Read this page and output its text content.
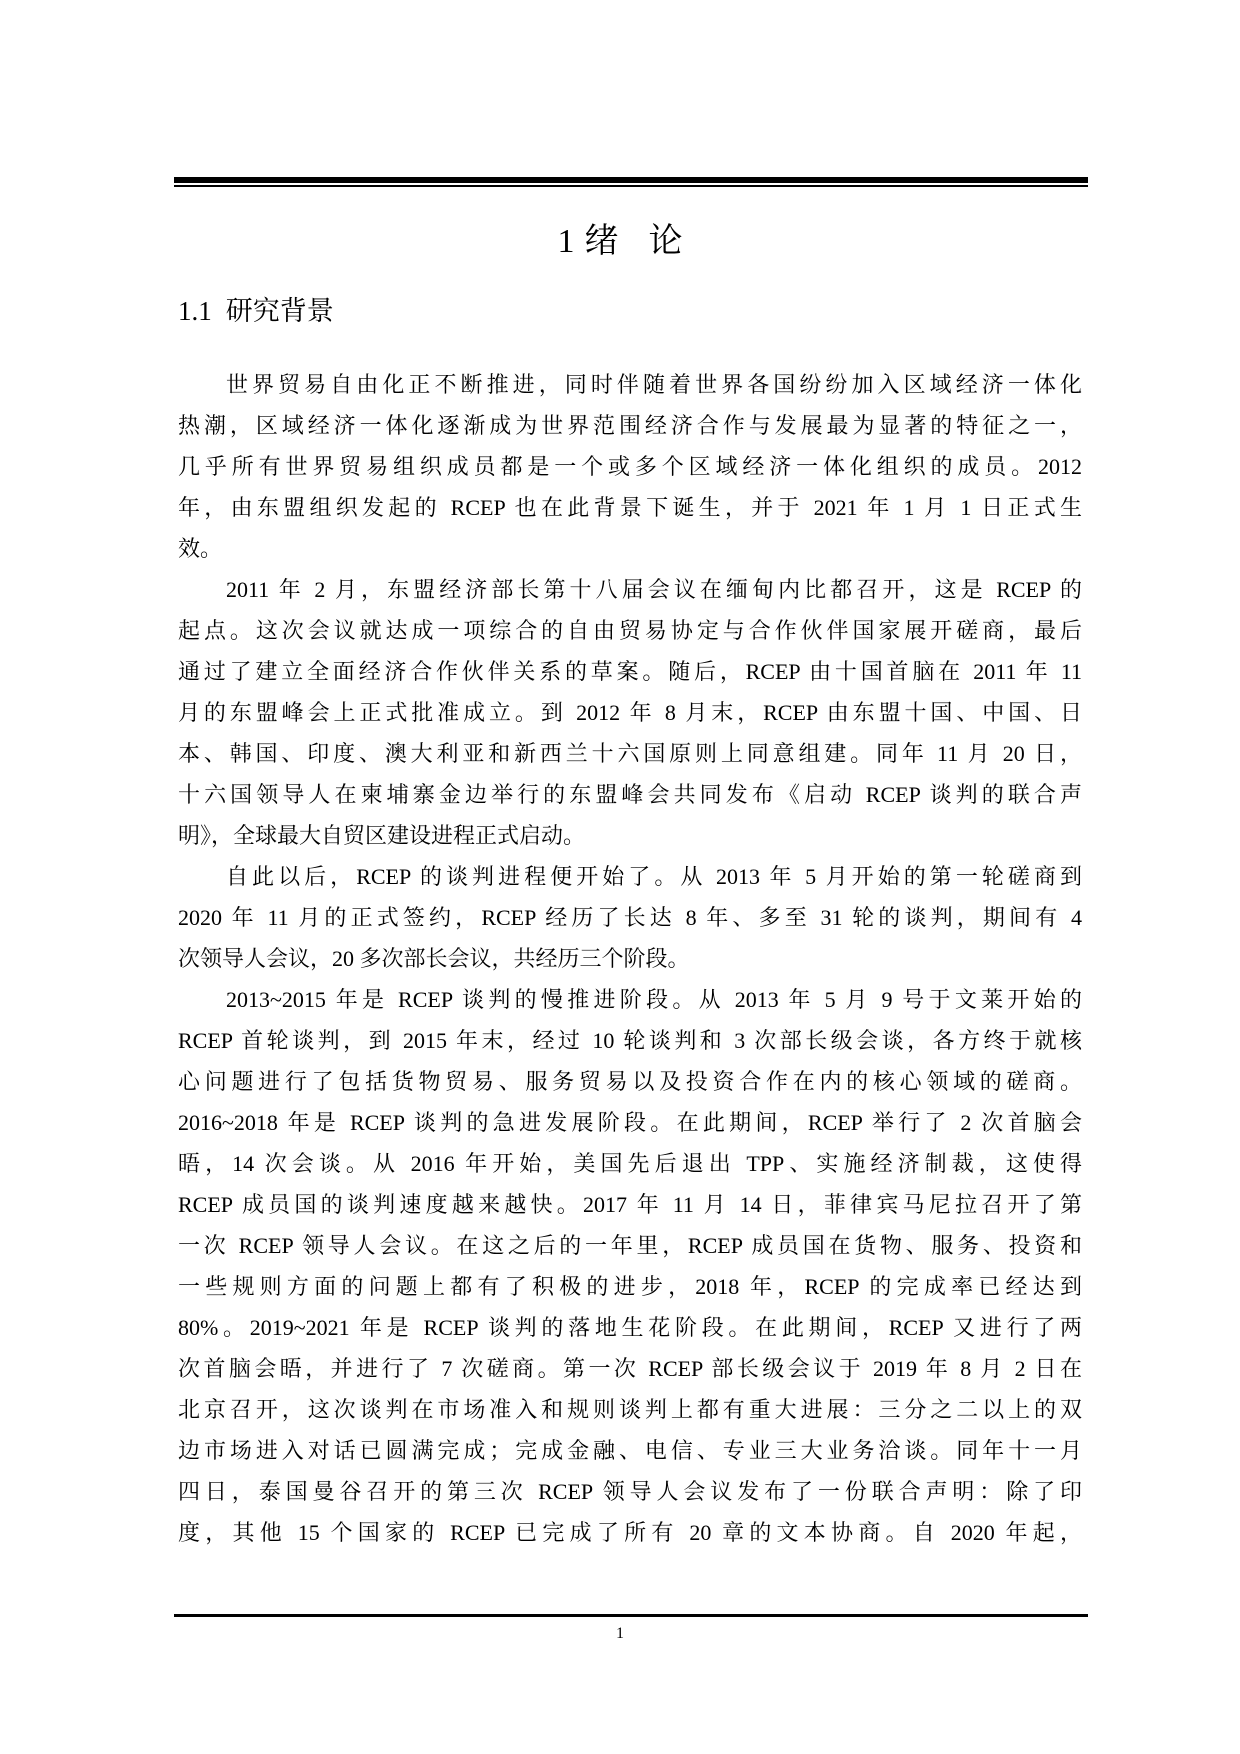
1 绪 论
1.1 研究背景
世界贸易自由化正不断推进，同时伴随着世界各国纷纷加入区域经济一体化
热潮，区域经济一体化逐渐成为世界范围经济合作与发展最为显著的特征之一，
几乎所有世界贸易组织成员都是一个或多个区域经济一体化组织的成员。2012
年，由东盟组织发起的 RCEP 也在此背景下诞生，并于 2021 年 1 月 1 日正式生
效。
2011 年 2 月，东盟经济部长第十八届会议在缅甸内比都召开，这是 RCEP 的
起点。这次会议就达成一项综合的自由贸易协定与合作伙伴国家展开磋商，最后
通过了建立全面经济合作伙伴关系的草案。随后，RCEP 由十国首脑在 2011 年 11
月的东盟峰会上正式批准成立。到 2012 年 8 月末，RCEP 由东盟十国、中国、日
本、韩国、印度、澳大利亚和新西兰十六国原则上同意组建。同年 11 月 20 日，
十六国领导人在柬埔寨金边举行的东盟峰会共同发布《启动 RCEP 谈判的联合声
明》，全球最大自贸区建设进程正式启动。
自此以后，RCEP 的谈判进程便开始了。从 2013 年 5 月开始的第一轮磋商到
2020 年 11 月的正式签约，RCEP 经历了长达 8 年、多至 31 轮的谈判，期间有 4
次领导人会议，20 多次部长会议，共经历三个阶段。
2013~2015 年是 RCEP 谈判的慢推进阶段。从 2013 年 5 月 9 号于文莱开始的
RCEP 首轮谈判，到 2015 年末，经过 10 轮谈判和 3 次部长级会谈，各方终于就核
心问题进行了包括货物贸易、服务贸易以及投资合作在内的核心领域的磋商。
2016~2018 年是 RCEP 谈判的急进发展阶段。在此期间，RCEP 举行了 2 次首脑会
晤，14 次会谈。从 2016 年开始，美国先后退出 TPP、实施经济制裁，这使得
RCEP 成员国的谈判速度越来越快。2017 年 11 月 14 日，菲律宾马尼拉召开了第
一次 RCEP 领导人会议。在这之后的一年里，RCEP 成员国在货物、服务、投资和
一些规则方面的问题上都有了积极的进步，2018 年，RCEP 的完成率已经达到
80%。2019~2021 年是 RCEP 谈判的落地生花阶段。在此期间，RCEP 又进行了两
次首脑会晤，并进行了 7 次磋商。第一次 RCEP 部长级会议于 2019 年 8 月 2 日在
北京召开，这次谈判在市场准入和规则谈判上都有重大进展：三分之二以上的双
边市场进入对话已圆满完成；完成金融、电信、专业三大业务洽谈。同年十一月
四日，泰国曼谷召开的第三次 RCEP 领导人会议发布了一份联合声明：除了印
度，其他 15 个国家的 RCEP 已完成了所有 20 章的文本协商。自 2020 年起，
1
